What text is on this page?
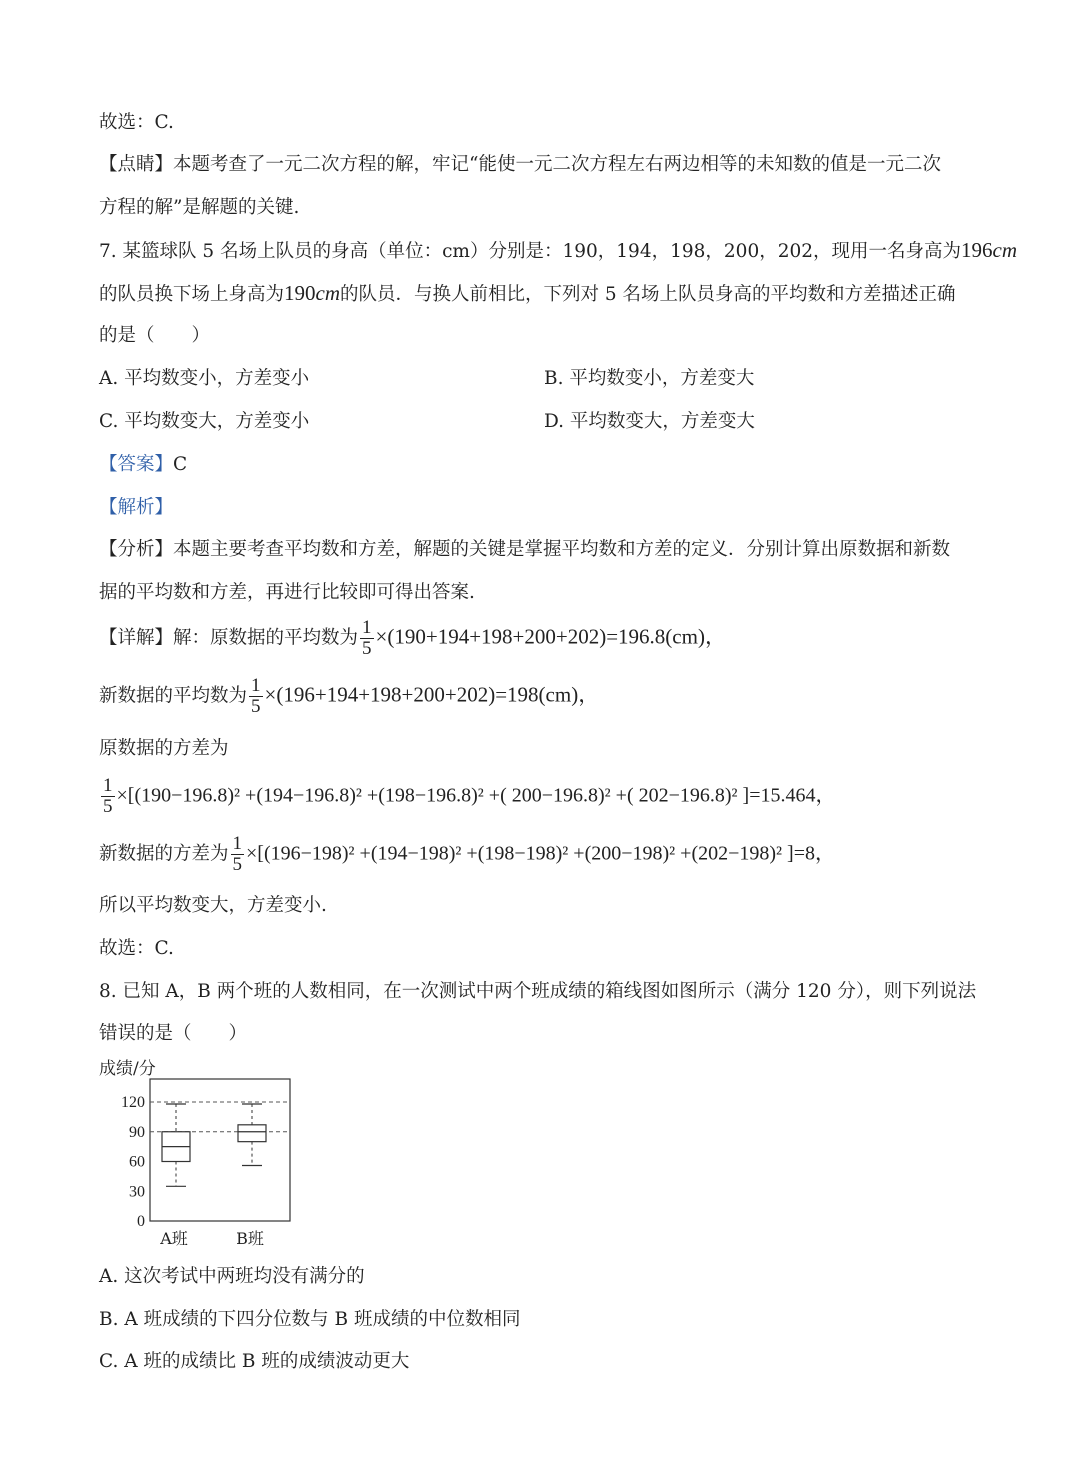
故选：C.
【点睛】本题考查了一元二次方程的解，牢记“能使一元二次方程左右两边相等的未知数的值是一元二次
方程的解”是解题的关键.
7. 某篮球队 5 名场上队员的身高（单位：cm）分别是：190，194，198，200，202，现用一名身高为196cm
的队员换下场上身高为190cm的队员．与换人前相比，下列对 5 名场上队员身高的平均数和方差描述正确
的是（　　）
A. 平均数变小，方差变小	B. 平均数变小，方差变大
C. 平均数变大，方差变小	D. 平均数变大，方差变大
【答案】C
【解析】
【分析】本题主要考查平均数和方差，解题的关键是掌握平均数和方差的定义．分别计算出原数据和新数
据的平均数和方差，再进行比较即可得出答案.
【详解】解：原数据的平均数为 $\frac{1}{5} \times(190+194+198+200+202)=196.8(cm)$，
新数据的平均数为 $\frac{1}{5} \times(196+194+198+200+202)=198(cm)$，
原数据的方差为
$\frac{1}{5} \times[(190-196.8)^2 +(194-196.8)^2 +(198-196.8)^2$ +( 200−196.8)² +( 202−196.8)² ]=15.464，
新数据的方差为 $\frac{1}{5} \times[(196-198)^2 +(194-198)^2 +(198-198)^2 +(200-198)^2 +(202-198)^2$ ]=8，
所以平均数变大，方差变小.
故选：C.
8. 已知 A，B 两个班的人数相同，在一次测试中两个班成绩的箱线图如图所示（满分 120 分），则下列说法
错误的是（　　）
成绩/分
0
30
60
90
120
A班	B班
A. 这次考试中两班均没有满分的
B. A 班成绩的下四分位数与 B 班成绩的中位数相同
C. A 班的成绩比 B 班的成绩波动更大
